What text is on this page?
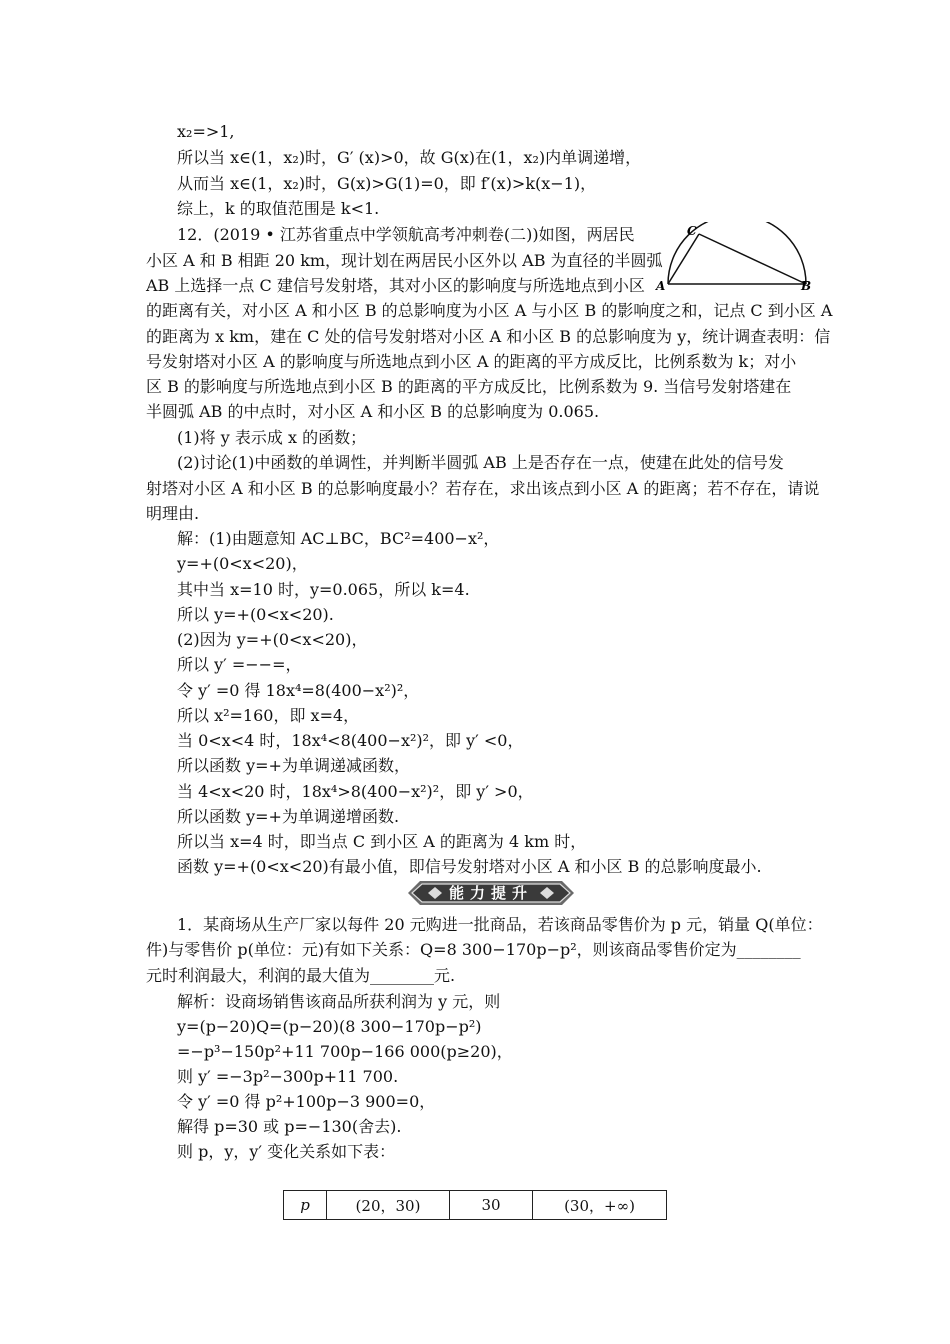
x₂=>1,
所以当 x∈(1，x₂)时，G′ (x)>0，故 G(x)在(1，x₂)内单调递增，
从而当 x∈(1，x₂)时，G(x)>G(1)=0，即 f′(x)>k(x−1)，
综上，k 的取值范围是 k<1.
12．(2019 • 江苏省重点中学领航高考冲刺卷(二))如图，两居民
小区 A 和 B 相距 20 km，现计划在两居民小区外以 AB 为直径的半圆弧
AB 上选择一点 C 建信号发射塔，其对小区的影响度与所选地点到小区
的距离有关，对小区 A 和小区 B 的总影响度为小区 A 与小区 B 的影响度之和，记点 C 到小区 A
的距离为 x km，建在 C 处的信号发射塔对小区 A 和小区 B 的总影响度为 y，统计调查表明：信
号发射塔对小区 A 的影响度与所选地点到小区 A 的距离的平方成反比，比例系数为 k；对小
区 B 的影响度与所选地点到小区 B 的距离的平方成反比，比例系数为 9. 当信号发射塔建在
半圆弧 AB 的中点时，对小区 A 和小区 B 的总影响度为 0.065.
(1)将 y 表示成 x 的函数；
(2)讨论(1)中函数的单调性，并判断半圆弧 AB 上是否存在一点，使建在此处的信号发
射塔对小区 A 和小区 B 的总影响度最小？若存在，求出该点到小区 A 的距离；若不存在，请说
明理由.
解：(1)由题意知 AC⊥BC，BC²=400−x²，
y=+(0<x<20)，
其中当 x=10 时，y=0.065，所以 k=4.
所以 y=+(0<x<20).
(2)因为 y=+(0<x<20)，
所以 y′ =−−=，
令 y′ =0 得 18x⁴=8(400−x²)²，
所以 x²=160，即 x=4，
当 0<x<4 时，18x⁴<8(400−x²)²，即 y′ <0，
所以函数 y=+为单调递减函数，
当 4<x<20 时，18x⁴>8(400−x²)²，即 y′ >0，
所以函数 y=+为单调递增函数.
所以当 x=4 时，即当点 C 到小区 A 的距离为 4 km 时，
函数 y=+(0<x<20)有最小值，即信号发射塔对小区 A 和小区 B 的总影响度最小.
A	B
C
能力提升
1．某商场从生产厂家以每件 20 元购进一批商品，若该商品零售价为 p 元，销量 Q(单位：
件)与零售价 p(单位：元)有如下关系：Q=8 300−170p−p²，则该商品零售价定为________
元时利润最大，利润的最大值为________元.
解析：设商场销售该商品所获利润为 y 元，则
y=(p−20)Q=(p−20)(8 300−170p−p²)
=−p³−150p²+11 700p−166 000(p≥20)，
则 y′ =−3p²−300p+11 700.
令 y′ =0 得 p²+100p−3 900=0，
解得 p=30 或 p=−130(舍去).
则 p，y，y′ 变化关系如下表：
p	(20，30)	30	(30，+∞)
